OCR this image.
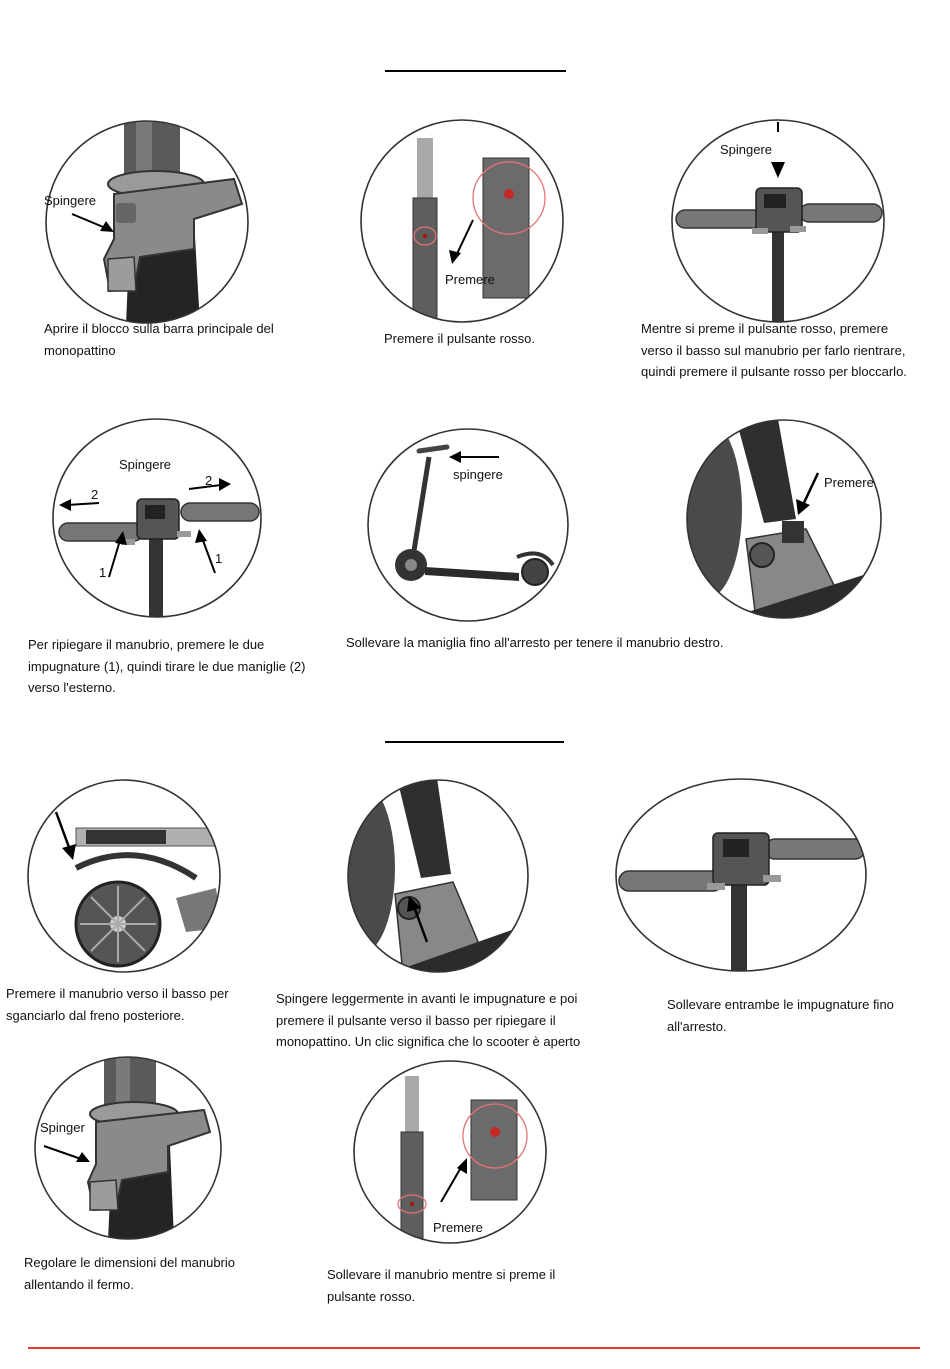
Spingere
Aprire il blocco sulla barra principale del monopattino
Premere
Premere il pulsante rosso.
Spingere
Mentre si preme il pulsante rosso, premere verso il basso sul manubrio per farlo rientrare, quindi premere il pulsante rosso per bloccarlo.
2
2
1
1
Spingere
Per ripiegare il manubrio, premere le due impugnature (1), quindi tirare le due maniglie (2) verso l'esterno.
spingere
Sollevare la maniglia fino all'arresto per tenere il manubrio destro.
Premere
Premere il manubrio verso il basso per sganciarlo dal freno posteriore.
Spingere leggermente in avanti le impugnature e poi premere il pulsante verso il basso per ripiegare il monopattino. Un clic significa che lo scooter è aperto
Sollevare entrambe le impugnature fino all'arresto.
Spinger
Regolare le dimensioni del manubrio allentando il fermo.
Premere
Sollevare il manubrio mentre si preme il pulsante rosso.
